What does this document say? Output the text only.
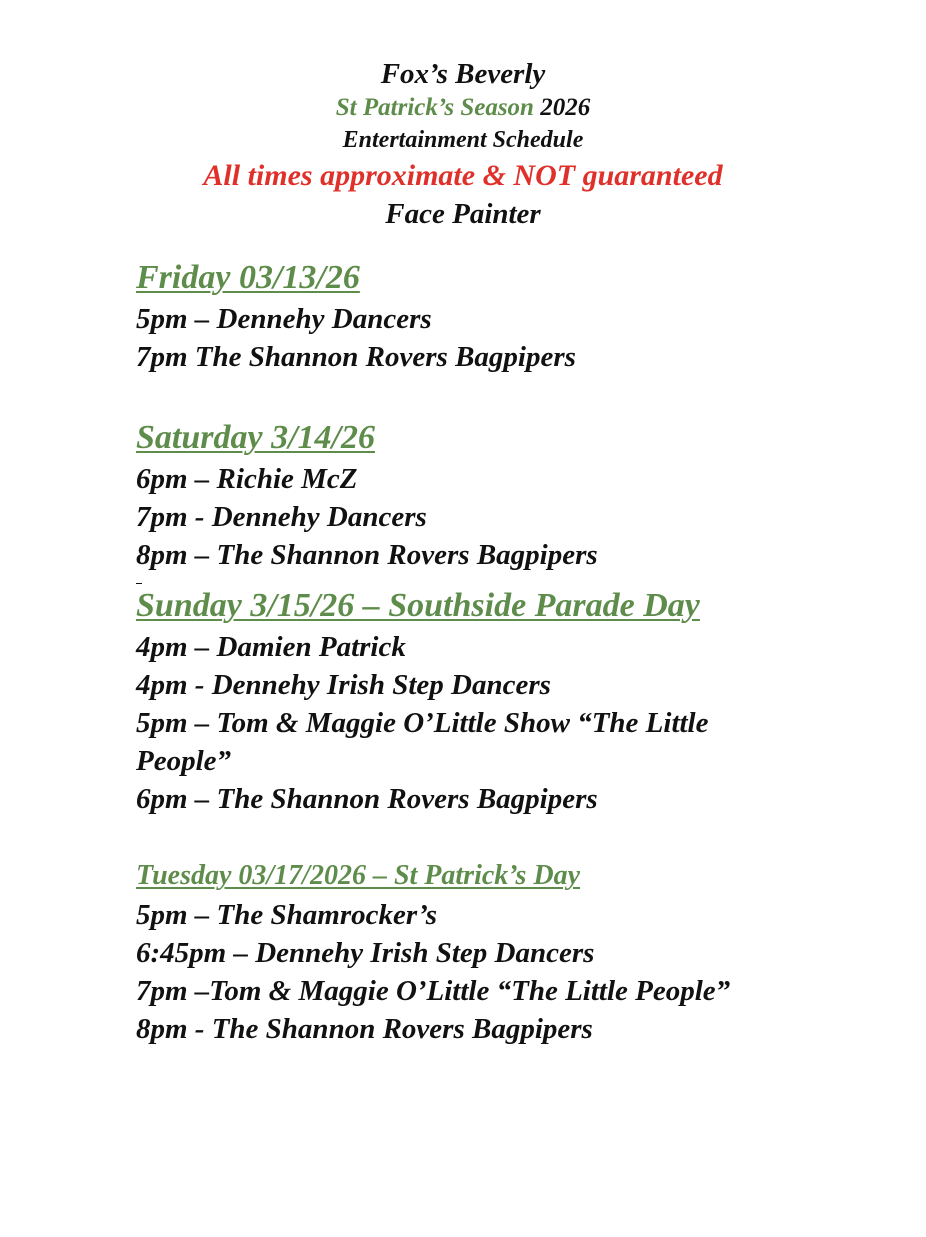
Fox’s Beverly
St Patrick’s Season 2026
Entertainment Schedule
All times approximate & NOT guaranteed
Face Painter
Friday 03/13/26
5pm – Dennehy Dancers
7pm The Shannon Rovers Bagpipers
Saturday 3/14/26
6pm – Richie McZ
7pm - Dennehy Dancers
8pm – The Shannon Rovers Bagpipers
Sunday 3/15/26 – Southside Parade Day
4pm – Damien Patrick
4pm - Dennehy Irish Step Dancers
5pm – Tom & Maggie O’Little Show “The Little
People”
6pm – The Shannon Rovers Bagpipers
Tuesday 03/17/2026 – St Patrick’s Day
5pm – The Shamrocker’s
6:45pm – Dennehy Irish Step Dancers
7pm –Tom & Maggie O’Little “The Little People”
8pm - The Shannon Rovers Bagpipers
